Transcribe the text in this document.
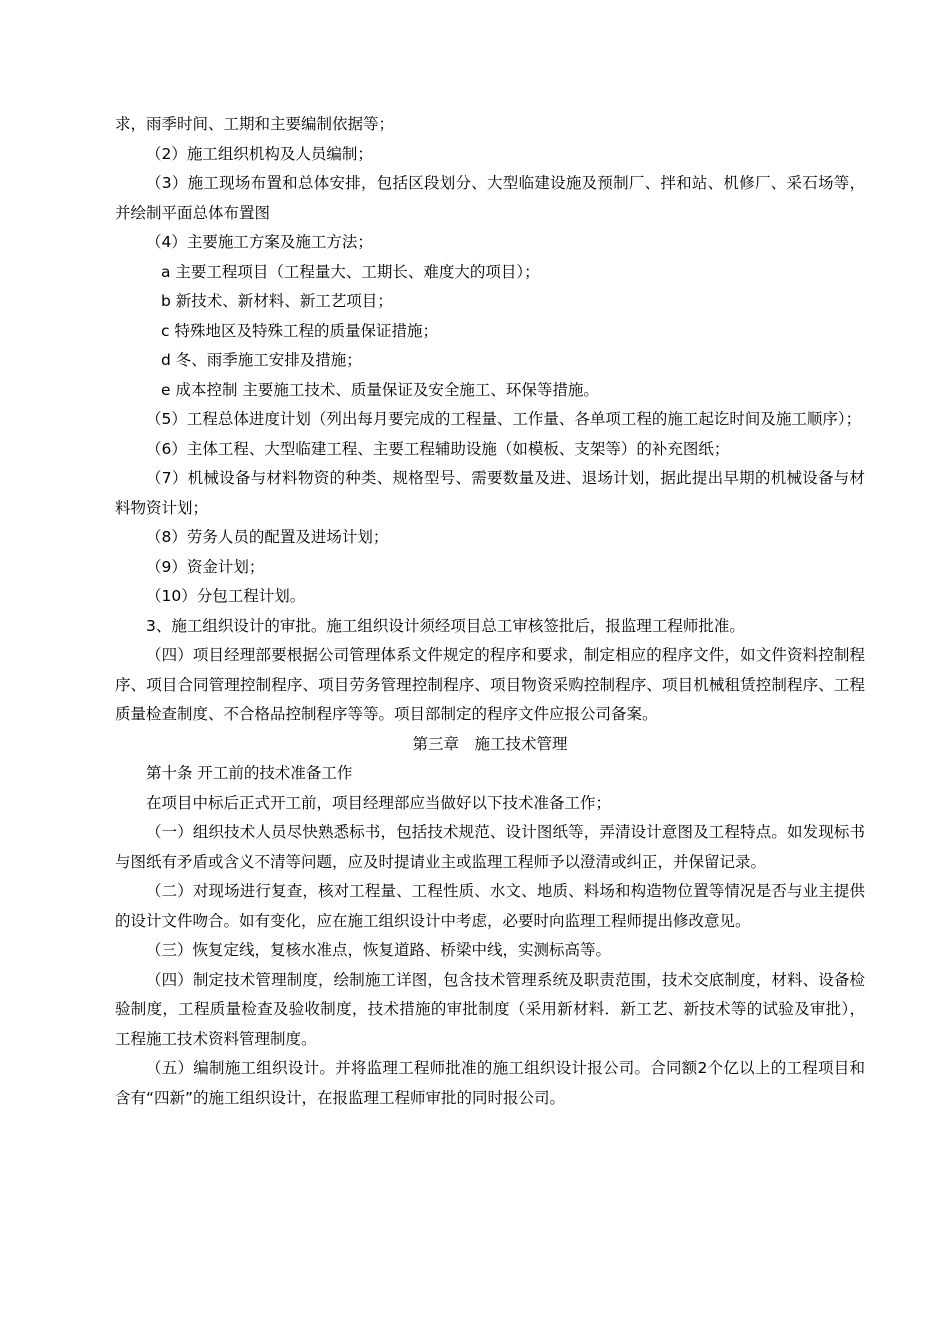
求，雨季时间、工期和主要编制依据等；

（2）施工组织机构及人员编制；

（3）施工现场布置和总体安排，包括区段划分、大型临建设施及预制厂、拌和站、机修厂、采石场等，并绘制平面总体布置图

（4）主要施工方案及施工方法；

a 主要工程项目（工程量大、工期长、难度大的项目）；

b 新技术、新材料、新工艺项目；

c 特殊地区及特殊工程的质量保证措施；

d 冬、雨季施工安排及措施；

e 成本控制 主要施工技术、质量保证及安全施工、环保等措施。

（5）工程总体进度计划（列出每月要完成的工程量、工作量、各单项工程的施工起讫时间及施工顺序）；

（6）主体工程、大型临建工程、主要工程辅助设施（如模板、支架等）的补充图纸；

（7）机械设备与材料物资的种类、规格型号、需要数量及进、退场计划，据此提出早期的机械设备与材料物资计划；

（8）劳务人员的配置及进场计划；

（9）资金计划；

（10）分包工程计划。

3、施工组织设计的审批。施工组织设计须经项目总工审核签批后，报监理工程师批准。

（四）项目经理部要根据公司管理体系文件规定的程序和要求，制定相应的程序文件，如文件资料控制程序、项目合同管理控制程序、项目劳务管理控制程序、项目物资采购控制程序、项目机械租赁控制程序、工程质量检查制度、不合格品控制程序等等。项目部制定的程序文件应报公司备案。

第三章　施工技术管理

第十条 开工前的技术准备工作

在项目中标后正式开工前，项目经理部应当做好以下技术准备工作；

（一）组织技术人员尽快熟悉标书，包括技术规范、设计图纸等，弄清设计意图及工程特点。如发现标书与图纸有矛盾或含义不清等问题，应及时提请业主或监理工程师予以澄清或纠正，并保留记录。

（二）对现场进行复查，核对工程量、工程性质、水文、地质、料场和构造物位置等情况是否与业主提供的设计文件吻合。如有变化，应在施工组织设计中考虑，必要时向监理工程师提出修改意见。

（三）恢复定线，复核水准点，恢复道路、桥梁中线，实测标高等。

（四）制定技术管理制度，绘制施工详图，包含技术管理系统及职责范围，技术交底制度，材料、设备检验制度，工程质量检查及验收制度，技术措施的审批制度（采用新材料．新工艺、新技术等的试验及审批），工程施工技术资料管理制度。

（五）编制施工组织设计。并将监理工程师批准的施工组织设计报公司。合同额2个亿以上的工程项目和含有“四新”的施工组织设计，在报监理工程师审批的同时报公司。
